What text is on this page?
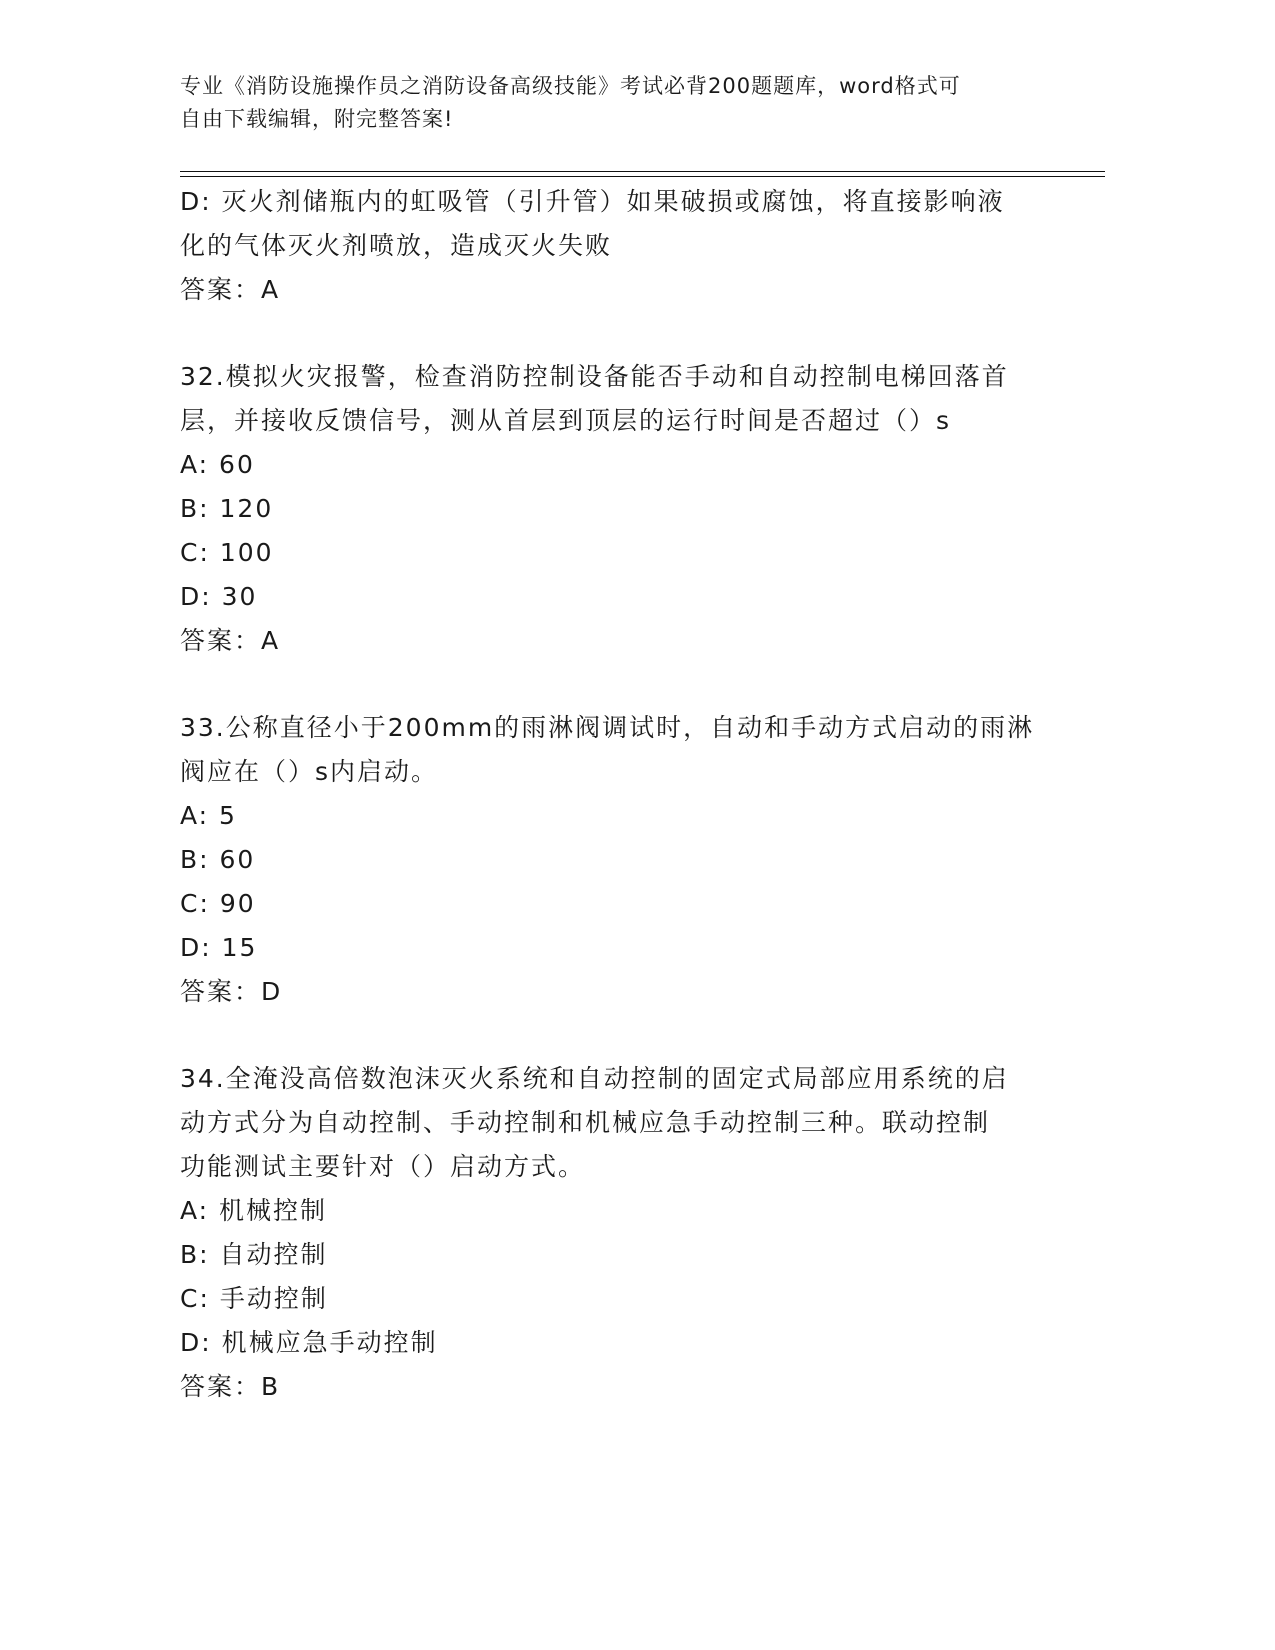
专业《消防设施操作员之消防设备高级技能》考试必背200题题库，word格式可
自由下载编辑，附完整答案!

D: 灭火剂储瓶内的虹吸管（引升管）如果破损或腐蚀，将直接影响液

化的气体灭火剂喷放，造成灭火失败

答案：A

32.模拟火灾报警，检查消防控制设备能否手动和自动控制电梯回落首

层，并接收反馈信号，测从首层到顶层的运行时间是否超过（）s

A: 60

B: 120

C: 100

D: 30

答案：A

33.公称直径小于200mm的雨淋阀调试时，自动和手动方式启动的雨淋

阀应在（）s内启动。

A: 5

B: 60

C: 90

D: 15

答案：D

34.全淹没高倍数泡沫灭火系统和自动控制的固定式局部应用系统的启

动方式分为自动控制、手动控制和机械应急手动控制三种。联动控制

功能测试主要针对（）启动方式。

A: 机械控制

B: 自动控制

C: 手动控制

D: 机械应急手动控制

答案：B
